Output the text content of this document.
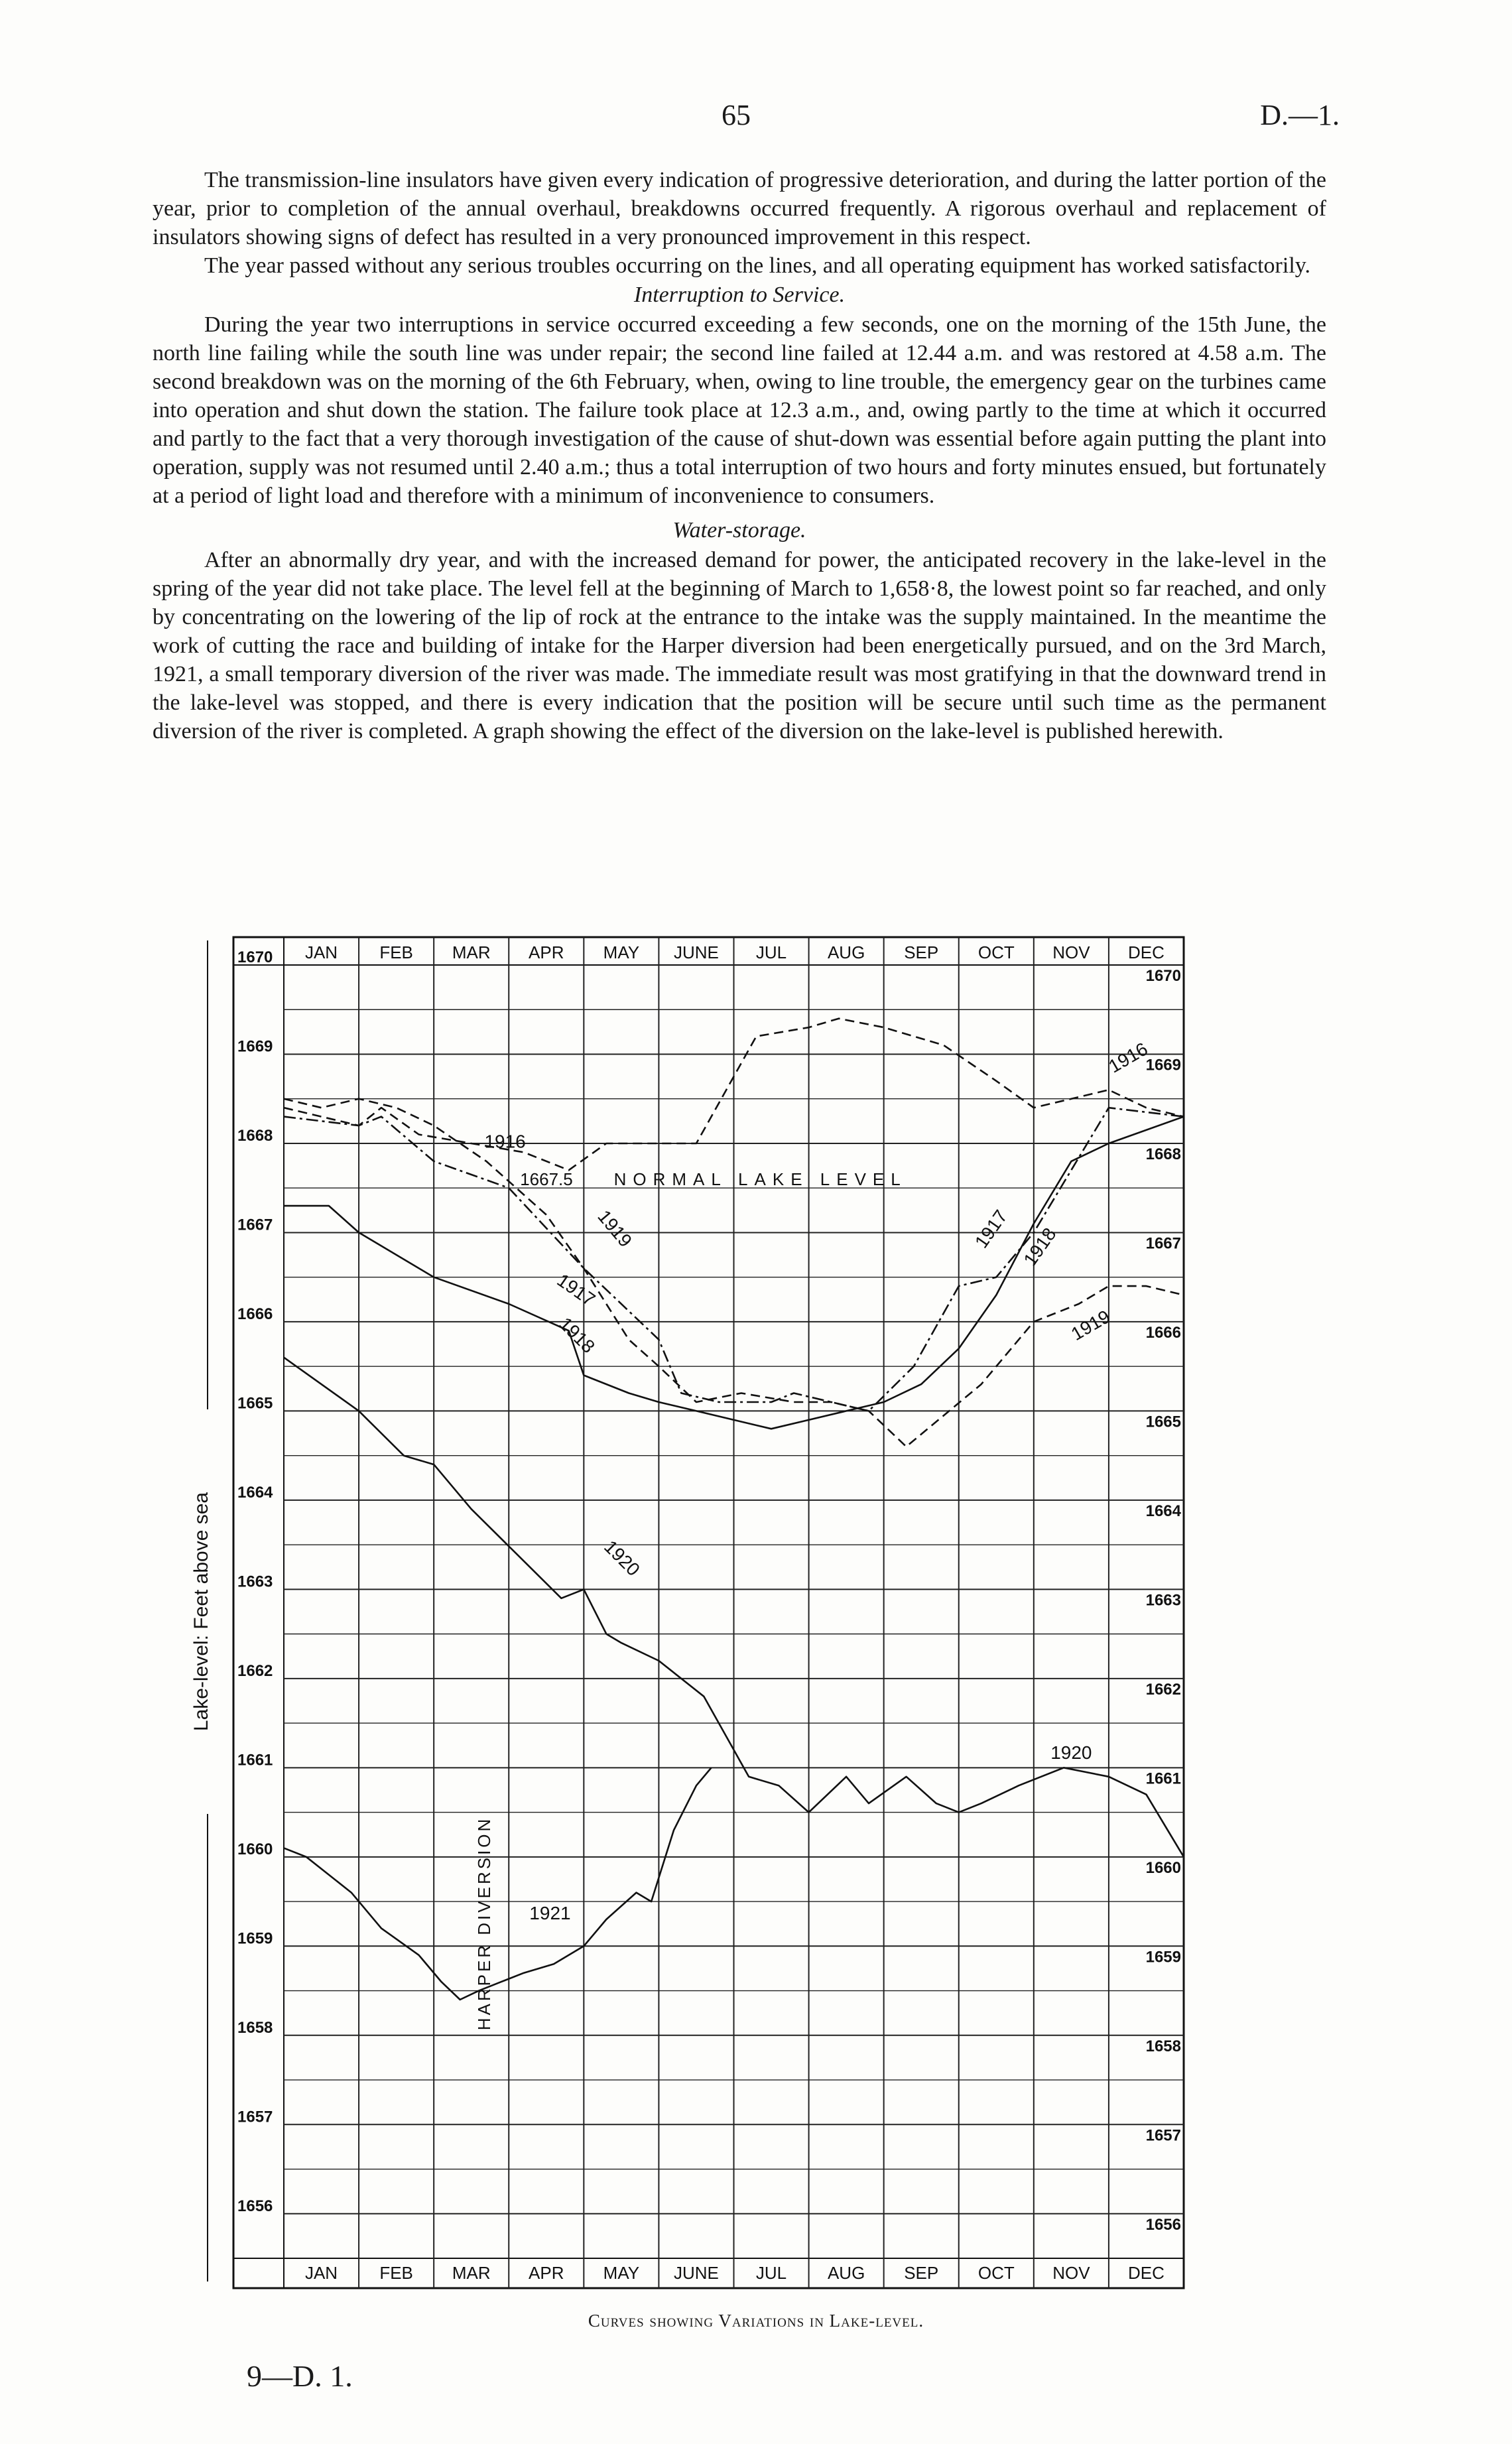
65	D.—1.

The transmission-line insulators have given every indication of progressive deterioration, and during the latter portion of the year, prior to completion of the annual overhaul, breakdowns occurred frequently. A rigorous overhaul and replacement of insulators showing signs of defect has resulted in a very pronounced improvement in this respect.

The year passed without any serious troubles occurring on the lines, and all operating equipment has worked satisfactorily.

Interruption to Service.

During the year two interruptions in service occurred exceeding a few seconds, one on the morning of the 15th June, the north line failing while the south line was under repair; the second line failed at 12.44 a.m. and was restored at 4.58 a.m. The second breakdown was on the morning of the 6th February, when, owing to line trouble, the emergency gear on the turbines came into operation and shut down the station. The failure took place at 12.3 a.m., and, owing partly to the time at which it occurred and partly to the fact that a very thorough investigation of the cause of shut-down was essential before again putting the plant into operation, supply was not resumed until 2.40 a.m.; thus a total interruption of two hours and forty minutes ensued, but fortunately at a period of light load and therefore with a minimum of inconvenience to consumers.

Water-storage.

After an abnormally dry year, and with the increased demand for power, the anticipated recovery in the lake-level in the spring of the year did not take place. The level fell at the beginning of March to 1,658·8, the lowest point so far reached, and only by concentrating on the lowering of the lip of rock at the entrance to the intake was the supply maintained. In the meantime the work of cutting the race and building of intake for the Harper diversion had been energetically pursued, and on the 3rd March, 1921, a small temporary diversion of the river was made. The immediate result was most gratifying in that the downward trend in the lake-level was stopped, and there is every indication that the position will be secure until such time as the permanent diversion of the river is completed. A graph showing the effect of the diversion on the lake-level is published herewith.

JAN
JAN
FEB
FEB
MAR
MAR
APR
APR
MAY
MAY
JUNE
JUNE
JUL
JUL
AUG
AUG
SEP
SEP
OCT
OCT
NOV
NOV
DEC
DEC
1670
1670
1669
1669
1668
1668
1667
1667
1666
1666
1665
1665
1664
1664
1663
1663
1662
1662
1661
1661
1660
1660
1659
1659
1658
1658
1657
1657
1656
1656
Lake-level: Feet above sea
1667.5 NORMAL LAKE LEVEL
HARPER DIVERSION
1916
1916
1917
1917
1918
1918	1919
1919
1920
1920
1921
Curves showing Variations in Lake-level.
9—D. 1.
